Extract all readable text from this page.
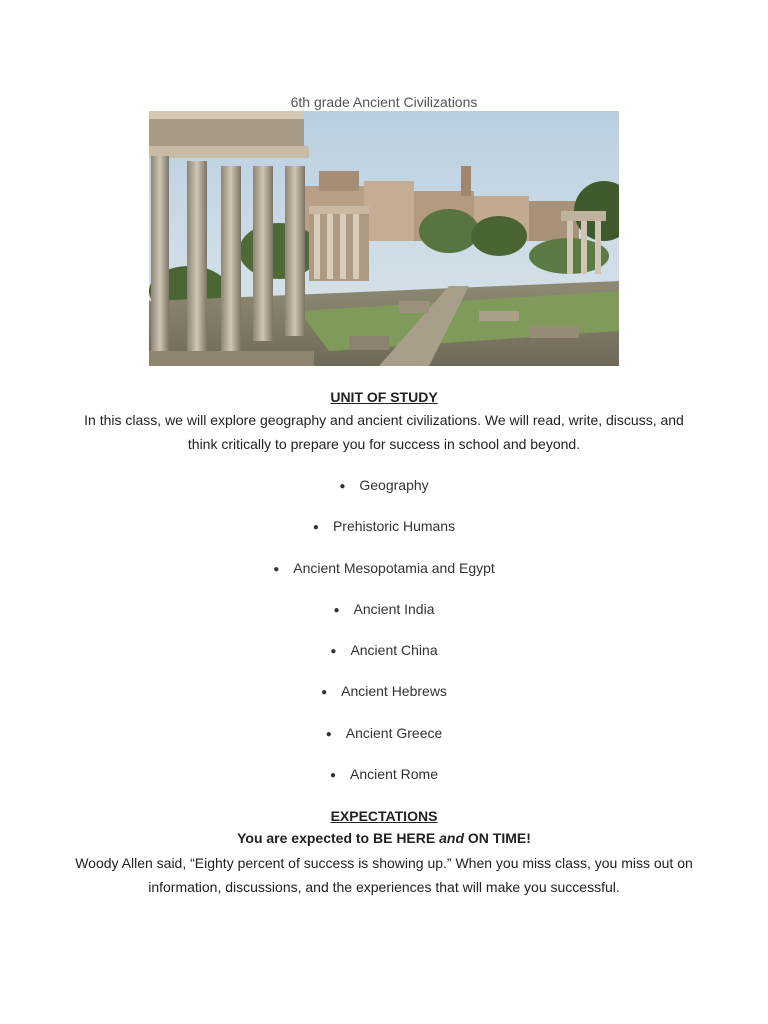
6th grade Ancient Civilizations
UNIT OF STUDY
In this class, we will explore geography and ancient civilizations. We will read, write, discuss, and think critically to prepare you for success in school and beyond.
● Geography
● Prehistoric Humans
● Ancient Mesopotamia and Egypt
● Ancient India
● Ancient China
● Ancient Hebrews
● Ancient Greece
● Ancient Rome
EXPECTATIONS
You are expected to BE HERE and ON TIME!
Woody Allen said, “Eighty percent of success is showing up.” When you miss class, you miss out on information, discussions, and the experiences that will make you successful.
